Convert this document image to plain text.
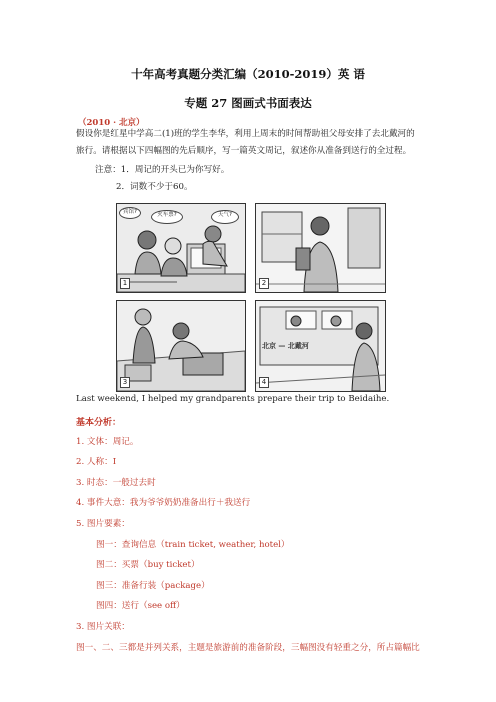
十年高考真题分类汇编（2010-2019）英 语
专题 27 图画式书面表达
（2010 · 北京）
假设你是红星中学高二(1)班的学生李华，利用上周末的时间帮助祖父母安排了去北戴河的旅行。请根据以下四幅图的先后顺序，写一篇英文周记，叙述你从准备到送行的全过程。
注意：1．周记的开头已为你写好。
2．词数不少于60。
宾馆?	火车票?	天气?
1	2
3
北京 — 北戴河
4
Last weekend, I helped my grandparents prepare their trip to Beidaihe.
基本分析：
1. 文体：周记。
2. 人称：I
3. 时态：一般过去时
4. 事件大意：我为爷爷奶奶准备出行＋我送行
5. 图片要素：
图一：查询信息（train ticket, weather, hotel）
图二：买票（buy ticket）
图三：准备行装（package）
图四：送行（see off）
3. 图片关联：
图一、二、三都是并列关系，主题是旅游前的准备阶段，三幅图没有轻重之分，所占篇幅比
